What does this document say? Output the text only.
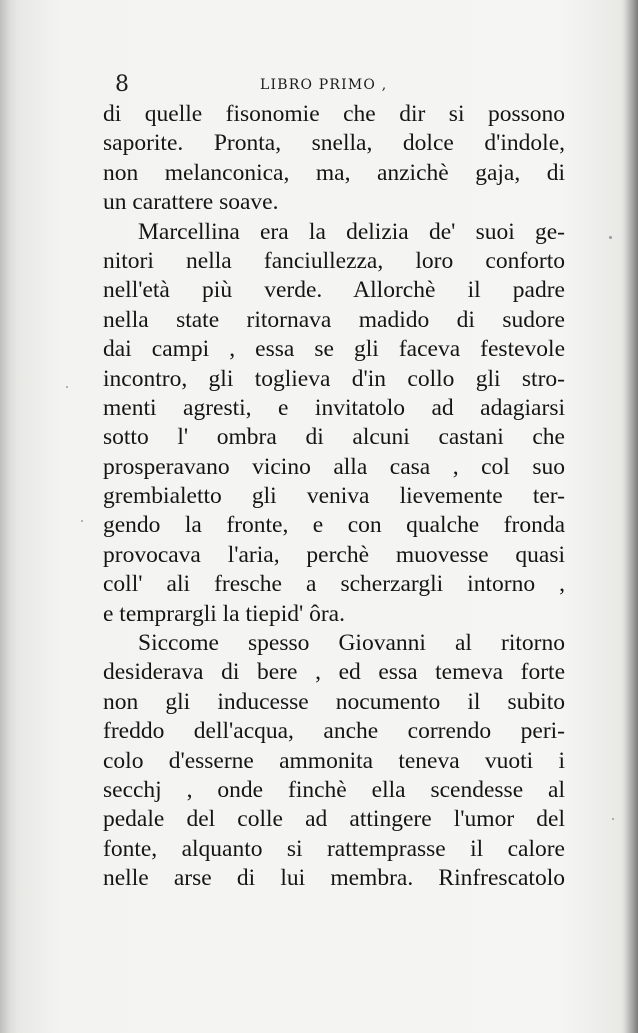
8	LIBRO PRIMO ,
di quelle fisonomie che dir si possono
saporite. Pronta, snella, dolce d'indole,
non melanconica, ma, anzichè gaja, di
un carattere soave.
Marcellina era la delizia de' suoi ge-
nitori nella fanciullezza, loro conforto
nell'età più verde. Allorchè il padre
nella state ritornava madido di sudore
dai campi , essa se gli faceva festevole
incontro, gli toglieva d'in collo gli stro-
menti agresti, e invitatolo ad adagiarsi
sotto l' ombra di alcuni castani che
prosperavano vicino alla casa , col suo
grembialetto gli veniva lievemente ter-
gendo la fronte, e con qualche fronda
provocava l'aria, perchè muovesse quasi
coll' ali fresche a scherzargli intorno ,
e temprargli la tiepid' ôra.
Siccome spesso Giovanni al ritorno
desiderava di bere , ed essa temeva forte
non gli inducesse nocumento il subito
freddo dell'acqua, anche correndo peri-
colo d'esserne ammonita teneva vuoti i
secchj , onde finchè ella scendesse al
pedale del colle ad attingere l'umor del
fonte, alquanto si rattemprasse il calore
nelle arse di lui membra. Rinfrescatolo
